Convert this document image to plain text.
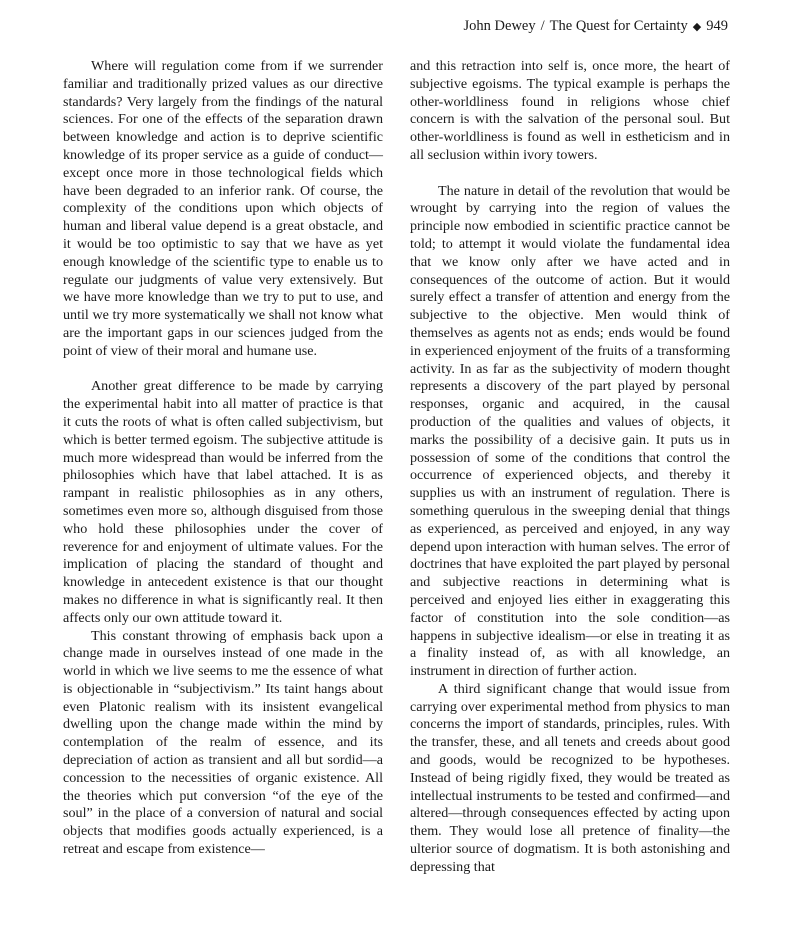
John Dewey / The Quest for Certainty ◆ 949

Where will regulation come from if we surrender familiar and traditionally prized values as our directive standards? Very largely from the findings of the natural sciences. For one of the effects of the separation drawn between knowledge and action is to deprive scientific knowledge of its proper service as a guide of conduct—except once more in those technological fields which have been degraded to an inferior rank. Of course, the complexity of the conditions upon which objects of human and liberal value depend is a great obstacle, and it would be too optimistic to say that we have as yet enough knowledge of the scientific type to enable us to regulate our judgments of value very extensively. But we have more knowledge than we try to put to use, and until we try more systematically we shall not know what are the important gaps in our sciences judged from the point of view of their moral and humane use.

Another great difference to be made by carrying the experimental habit into all matter of practice is that it cuts the roots of what is often called subjectivism, but which is better termed egoism. The subjective attitude is much more widespread than would be inferred from the philosophies which have that label attached. It is as rampant in realistic philosophies as in any others, sometimes even more so, although disguised from those who hold these philosophies under the cover of reverence for and enjoyment of ultimate values. For the implication of placing the standard of thought and knowledge in antecedent existence is that our thought makes no difference in what is significantly real. It then affects only our own attitude toward it.

This constant throwing of emphasis back upon a change made in ourselves instead of one made in the world in which we live seems to me the essence of what is objectionable in “subjectivism.” Its taint hangs about even Platonic realism with its insistent evangelical dwelling upon the change made within the mind by contemplation of the realm of essence, and its depreciation of action as transient and all but sordid—a concession to the necessities of organic existence. All the theories which put conversion “of the eye of the soul” in the place of a conversion of natural and social objects that modifies goods actually experienced, is a retreat and escape from existence—

and this retraction into self is, once more, the heart of subjective egoisms. The typical example is perhaps the other-worldliness found in religions whose chief concern is with the salvation of the personal soul. But other-worldliness is found as well in estheticism and in all seclusion within ivory towers.

The nature in detail of the revolution that would be wrought by carrying into the region of values the principle now embodied in scientific practice cannot be told; to attempt it would violate the fundamental idea that we know only after we have acted and in consequences of the outcome of action. But it would surely effect a transfer of attention and energy from the subjective to the objective. Men would think of themselves as agents not as ends; ends would be found in experienced enjoyment of the fruits of a transforming activity. In as far as the subjectivity of modern thought represents a discovery of the part played by personal responses, organic and acquired, in the causal production of the qualities and values of objects, it marks the possibility of a decisive gain. It puts us in possession of some of the conditions that control the occurrence of experienced objects, and thereby it supplies us with an instrument of regulation. There is something querulous in the sweeping denial that things as experienced, as perceived and enjoyed, in any way depend upon interaction with human selves. The error of doctrines that have exploited the part played by personal and subjective reactions in determining what is perceived and enjoyed lies either in exaggerating this factor of constitution into the sole condition—as happens in subjective idealism—or else in treating it as a finality instead of, as with all knowledge, an instrument in direction of further action.

A third significant change that would issue from carrying over experimental method from physics to man concerns the import of standards, principles, rules. With the transfer, these, and all tenets and creeds about good and goods, would be recognized to be hypotheses. Instead of being rigidly fixed, they would be treated as intellectual instruments to be tested and confirmed—and altered—through consequences effected by acting upon them. They would lose all pretence of finality—the ulterior source of dogmatism. It is both astonishing and depressing that
